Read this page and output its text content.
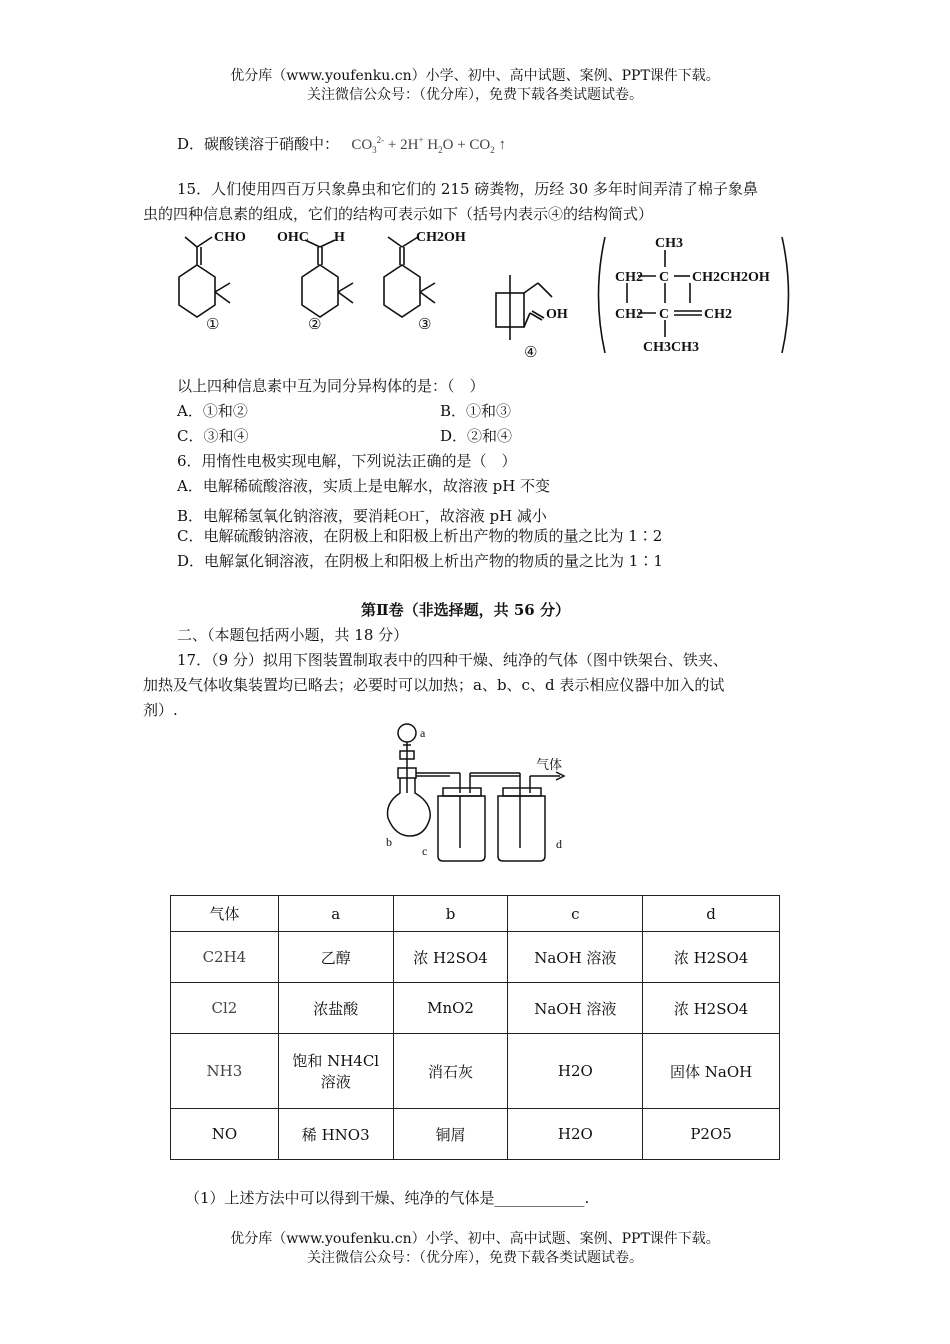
优分库（www.youfenku.cn）小学、初中、高中试题、案例、PPT课件下载。
关注微信公众号：（优分库），免费下载各类试题试卷。
D．碳酸镁溶于硝酸中： $CO_3^{2-} + 2H^+$ $H_2O + CO_2$ ↑
15．人们使用四百万只象鼻虫和它们的 215 磅粪物，历经 30 多年时间弄清了棉子象鼻
虫的四种信息素的组成，它们的结构可表示如下（括号内表示④的结构简式）
CHO OHC H	CH2OH
OH
CH3
CH2 C CH2CH2OH
CH2 C CH2
CH3CH3
①	②	③
④
以上四种信息素中互为同分异构体的是：（　）
A．①和②	B．①和③
C．③和④	D．②和④
6．用惰性电极实现电解，下列说法正确的是（　）
A．电解稀硫酸溶液，实质上是电解水，故溶液 pH 不变
B．电解稀氢氧化钠溶液，要消耗OH-，故溶液 pH 减小
C．电解硫酸钠溶液，在阴极上和阳极上析出产物的物质的量之比为 1∶2
D．电解氯化铜溶液，在阴极上和阳极上析出产物的物质的量之比为 1∶1
第Ⅱ卷（非选择题，共 56 分）
二、（本题包括两小题，共 18 分）
17．（9 分）拟用下图装置制取表中的四种干燥、纯净的气体（图中铁架台、铁夹、
加热及气体收集装置均已略去；必要时可以加热；a、b、c、d 表示相应仪器中加入的试
剂）.
a
b
c	d
气体
气体	a	b	c	d
C2H4	乙醇	浓 H2SO4	NaOH 溶液	浓 H2SO4
Cl2	浓盐酸	MnO2	NaOH 溶液	浓 H2SO4
NH3	饱和 NH4Cl 溶液	消石灰	H2O	固体 NaOH
NO	稀 HNO3	铜屑	H2O	P2O5
（1）上述方法中可以得到干燥、纯净的气体是____________.
优分库（www.youfenku.cn）小学、初中、高中试题、案例、PPT课件下载。
关注微信公众号：（优分库），免费下载各类试题试卷。
